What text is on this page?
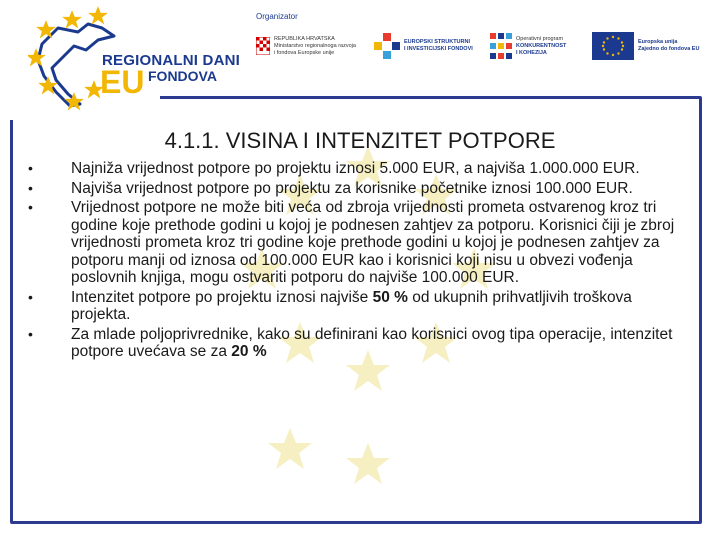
REGIONALNI DANI
EU FONDOVA
Organizator
REPUBLIKA HRVATSKA
Ministarstvo regionalnoga razvoja
i fondova Europske unije
EUROPSKI STRUKTURNI
I INVESTICIJSKI FONDOVI
Operativni program
KONKURENTNOST
I KOHEZIJA
Europska unija
Zajedno do fondova EU
4.1.1. VISINA I INTENZITET POTPORE
• Najniža vrijednost potpore po projektu iznosi 5.000 EUR, a najviša 1.000.000 EUR.
• Najviša vrijednost potpore po projektu za korisnike početnike iznosi 100.000 EUR.
• Vrijednost potpore ne može biti veća od zbroja vrijednosti prometa ostvarenog kroz tri godine koje prethode godini u kojoj je podnesen zahtjev za potporu. Korisnici čiji je zbroj vrijednosti prometa kroz tri godine koje prethode godini u kojoj je podnesen zahtjev za potporu manji od iznosa od 100.000 EUR kao i korisnici koji nisu u obvezi vođenja poslovnih knjiga, mogu ostvariti potporu do najviše 100.000 EUR.
• Intenzitet potpore po projektu iznosi najviše 50 % od ukupnih prihvatljivih troškova projekta.
• Za mlade poljoprivrednike, kako su definirani kao korisnici ovog tipa operacije, intenzitet potpore uvećava se za 20 %
